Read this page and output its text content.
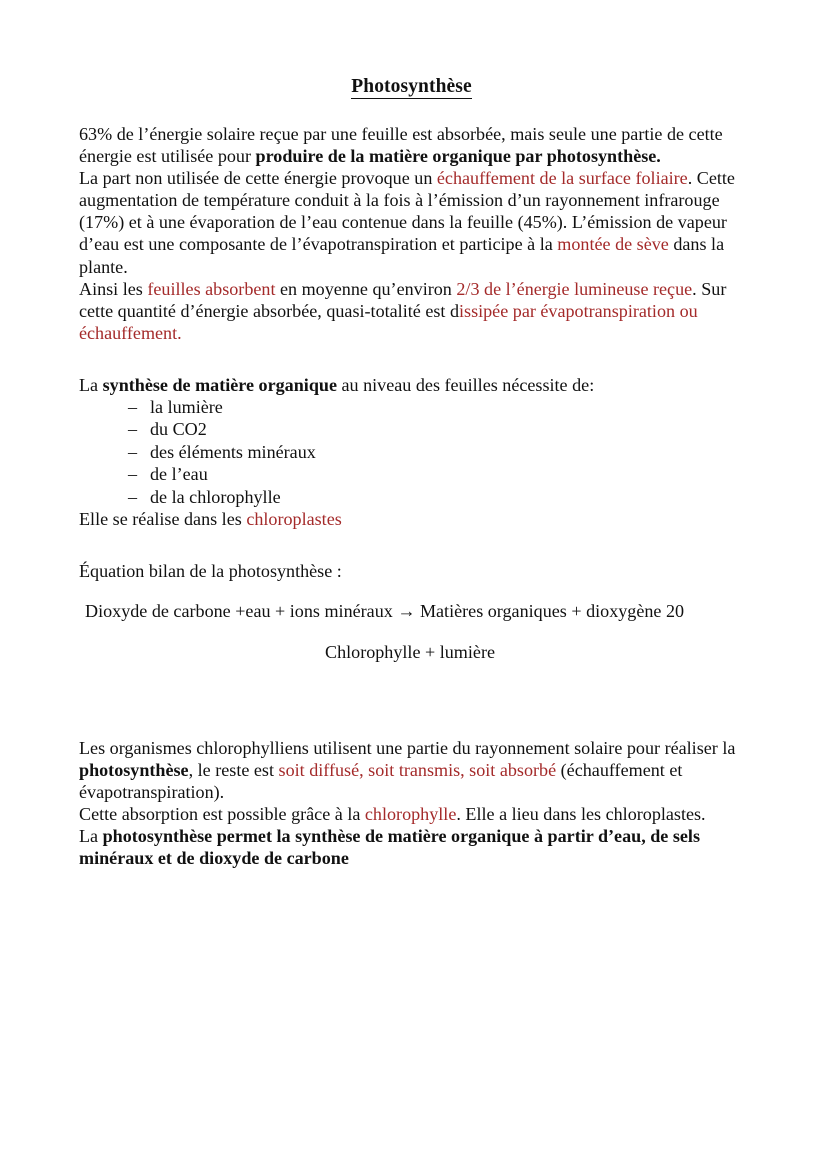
Photosynthèse

63% de l’énergie solaire reçue par une feuille est absorbée, mais seule une partie de cette énergie est utilisée pour produire de la matière organique par photosynthèse.
La part non utilisée de cette énergie provoque un échauffement de la surface foliaire. Cette augmentation de température conduit à la fois à l’émission d’un rayonnement infrarouge (17%) et à une évaporation de l’eau contenue dans la feuille (45%). L’émission de vapeur d’eau est une composante de l’évapotranspiration et participe à la montée de sève dans la plante.

Ainsi les feuilles absorbent en moyenne qu’environ 2/3 de l’énergie lumineuse reçue. Sur cette quantité d’énergie absorbée, quasi-totalité est dissipée par évapotranspiration ou échauffement.

La synthèse de matière organique au niveau des feuilles nécessite de:

– la lumière
– du CO2
– des éléments minéraux
– de l’eau
– de la chlorophylle

Elle se réalise dans les chloroplastes

Équation bilan de la photosynthèse :

Dioxyde de carbone +eau + ions minéraux → Matières organiques + dioxygène 20

Chlorophylle + lumière

Les organismes chlorophylliens utilisent une partie du rayonnement solaire pour réaliser la photosynthèse, le reste est soit diffusé, soit transmis, soit absorbé (échauffement et évapotranspiration).

Cette absorption est possible grâce à la chlorophylle. Elle a lieu dans les chloroplastes.

La photosynthèse permet la synthèse de matière organique à partir d’eau, de sels minéraux et de dioxyde de carbone
